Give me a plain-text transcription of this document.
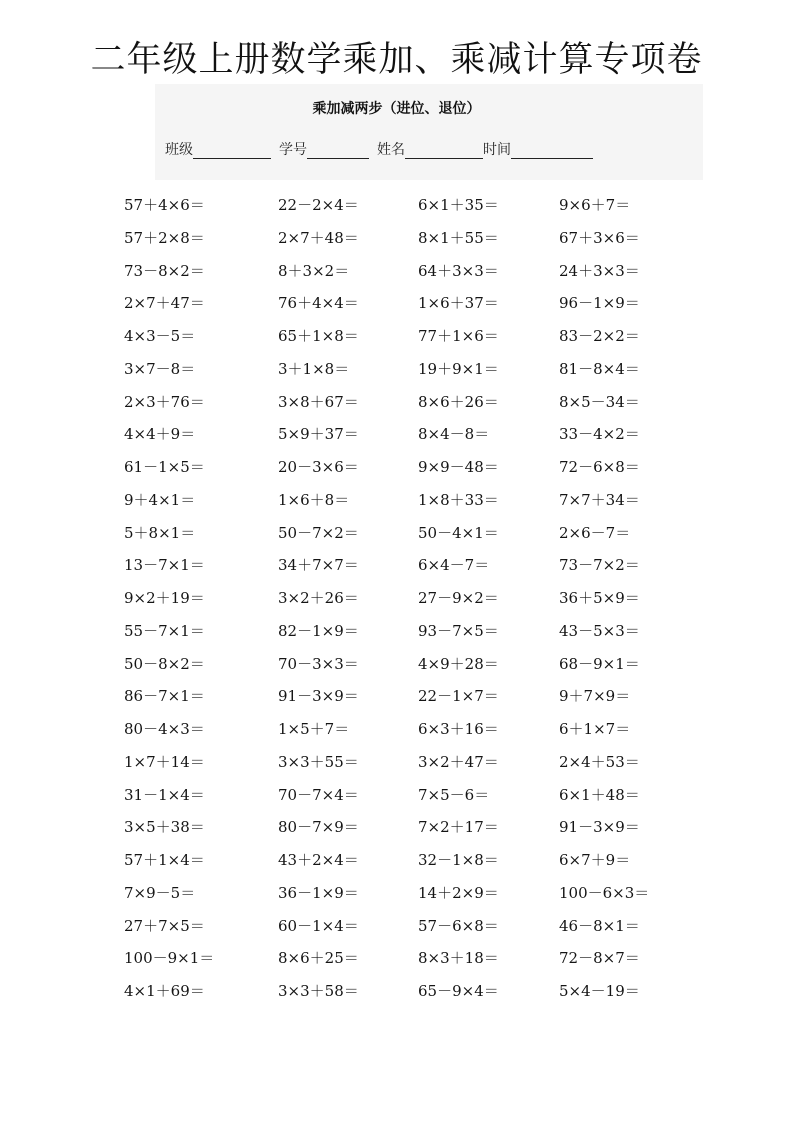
二年级上册数学乘加、乘减计算专项卷
乘加减两步（进位、退位）
班级	学号	姓名	时间
57＋4×6＝	22－2×4＝	6×1＋35＝	9×6＋7＝
57＋2×8＝	2×7＋48＝	8×1＋55＝	67＋3×6＝
73－8×2＝	8＋3×2＝	64＋3×3＝	24＋3×3＝
2×7＋47＝	76＋4×4＝	1×6＋37＝	96－1×9＝
4×3－5＝	65＋1×8＝	77＋1×6＝	83－2×2＝
3×7－8＝	3＋1×8＝	19＋9×1＝	81－8×4＝
2×3＋76＝	3×8＋67＝	8×6＋26＝	8×5－34＝
4×4＋9＝	5×9＋37＝	8×4－8＝	33－4×2＝
61－1×5＝	20－3×6＝	9×9－48＝	72－6×8＝
9＋4×1＝	1×6＋8＝	1×8＋33＝	7×7＋34＝
5＋8×1＝	50－7×2＝	50－4×1＝	2×6－7＝
13－7×1＝	34＋7×7＝	6×4－7＝	73－7×2＝
9×2＋19＝	3×2＋26＝	27－9×2＝	36＋5×9＝
55－7×1＝	82－1×9＝	93－7×5＝	43－5×3＝
50－8×2＝	70－3×3＝	4×9＋28＝	68－9×1＝
86－7×1＝	91－3×9＝	22－1×7＝	9＋7×9＝
80－4×3＝	1×5＋7＝	6×3＋16＝	6＋1×7＝
1×7＋14＝	3×3＋55＝	3×2＋47＝	2×4＋53＝
31－1×4＝	70－7×4＝	7×5－6＝	6×1＋48＝
3×5＋38＝	80－7×9＝	7×2＋17＝	91－3×9＝
57＋1×4＝	43＋2×4＝	32－1×8＝	6×7＋9＝
7×9－5＝	36－1×9＝	14＋2×9＝	100－6×3＝
27＋7×5＝	60－1×4＝	57－6×8＝	46－8×1＝
100－9×1＝	8×6＋25＝	8×3＋18＝	72－8×7＝
4×1＋69＝	3×3＋58＝	65－9×4＝	5×4－19＝
